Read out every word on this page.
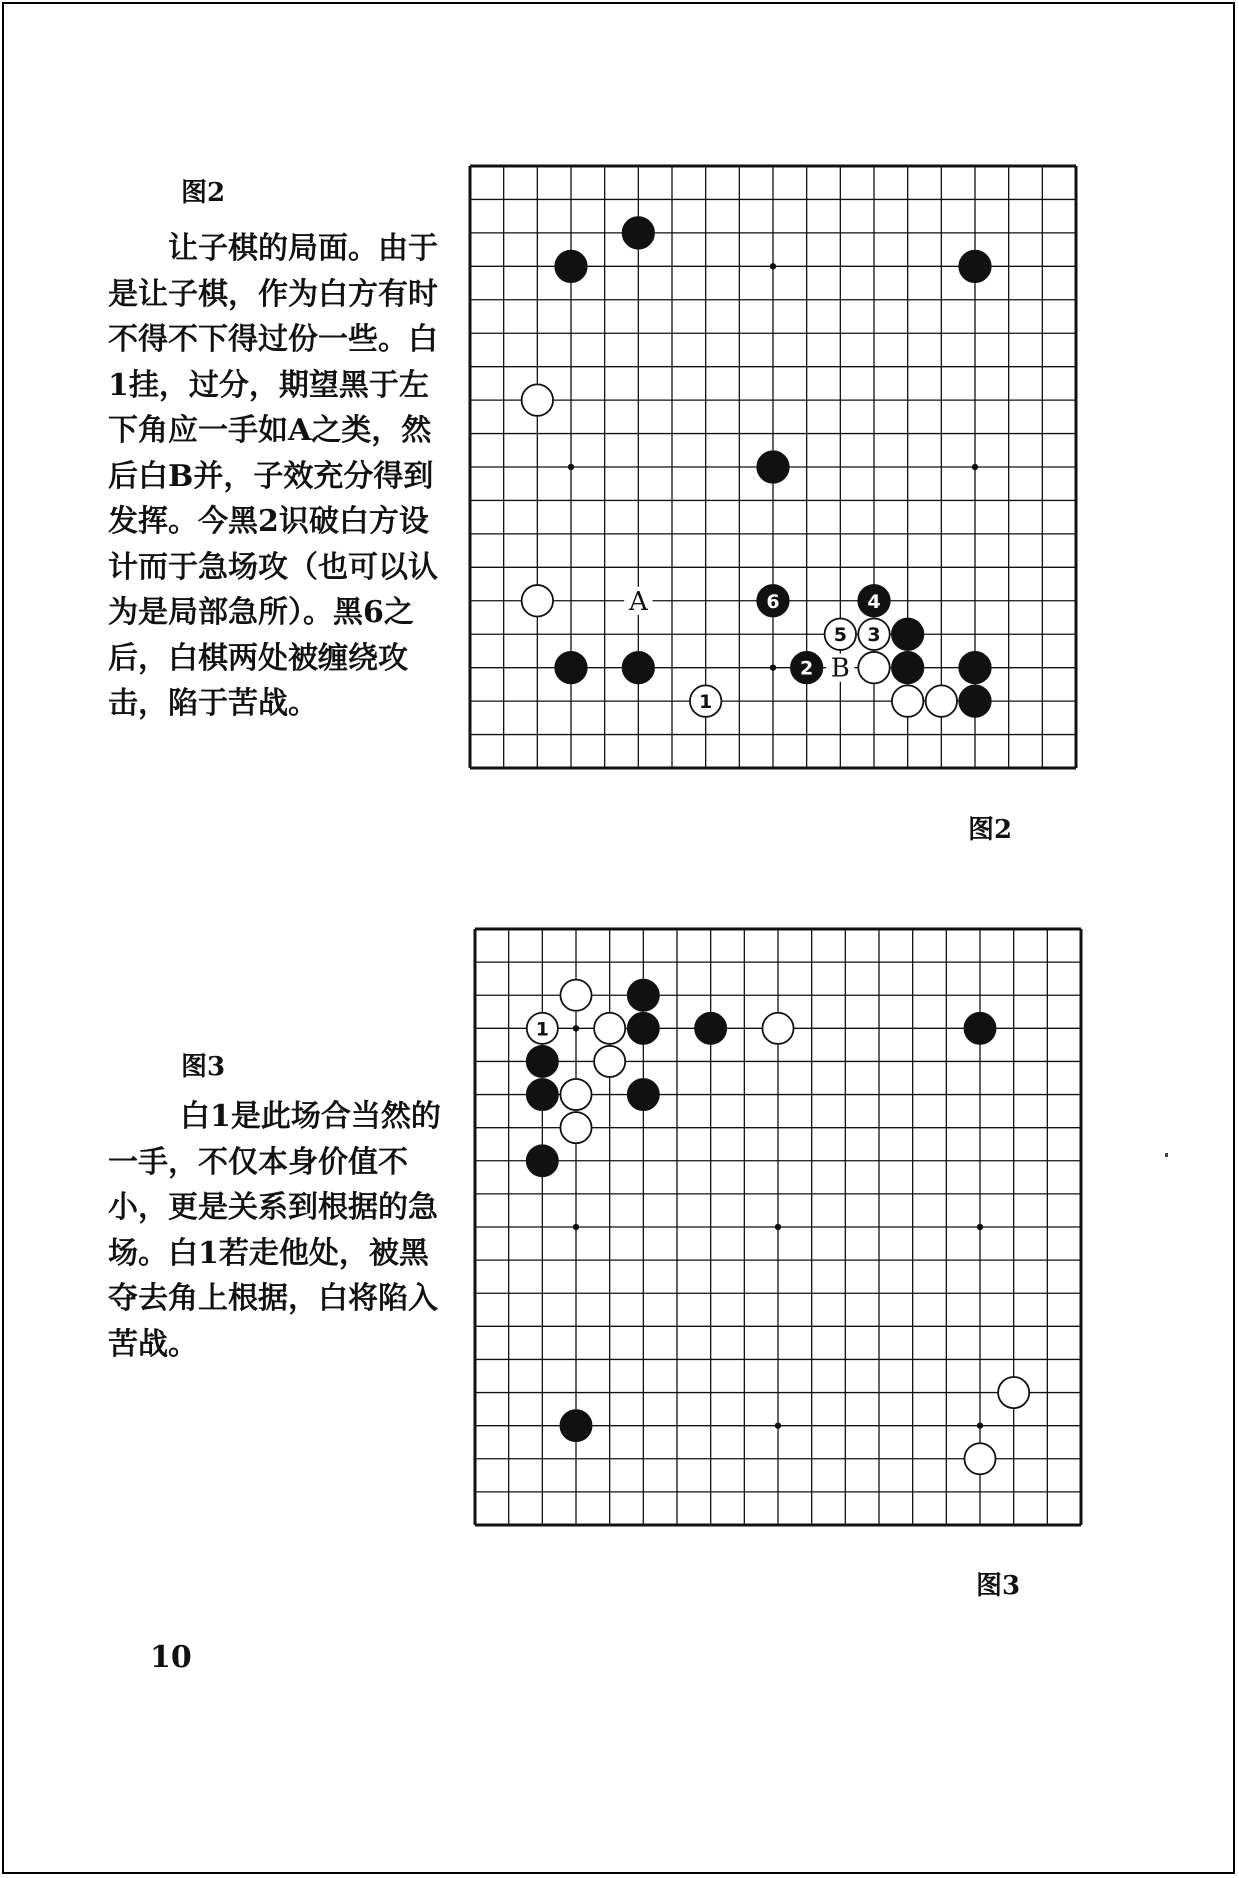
图2

让子棋的局面。由于是让子棋，作为白方有时不得不下得过份一些。白1挂，过分，期望黑于左下角应一手如A之类，然后白B并，子效充分得到发挥。今黑2识破白方设计而于急场攻（也可以认为是局部急所）。黑6之后，白棋两处被缠绕攻击，陷于苦战。

A
B
6	4
5 3
2
1

图2

图3

白1是此场合当然的一手，不仅本身价值不小，更是关系到根据的急场。白1若走他处，被黑夺去角上根据，白将陷入苦战。

1

图3

10
